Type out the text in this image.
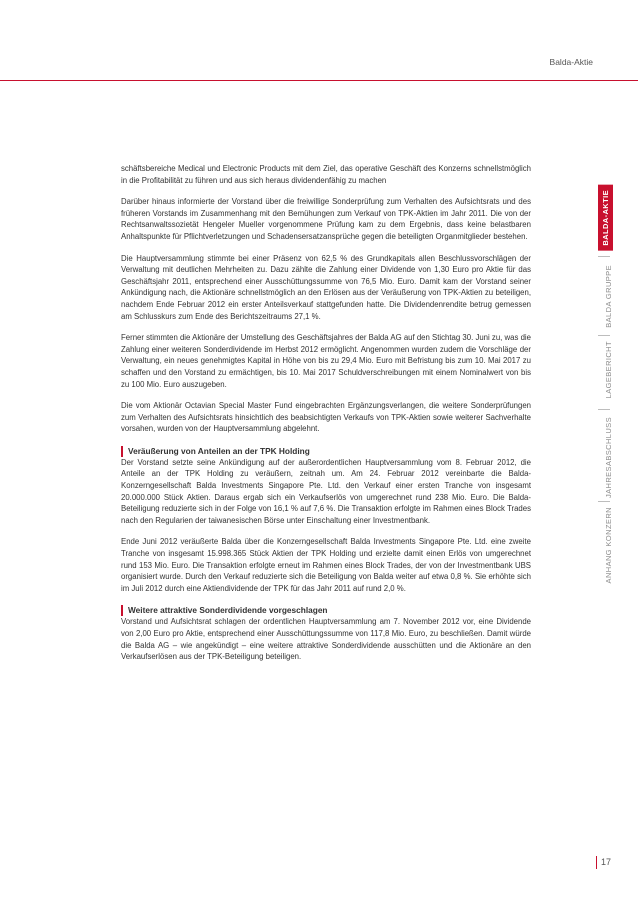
Balda-Aktie
BALDA-AKTIE
BALDA GRUPPE
LAGEBERICHT
JAHRESABSCHLUSS
ANHANG KONZERN

schäftsbereiche Medical und Electronic Products mit dem Ziel, das operative Geschäft des Konzerns schnellstmöglich in die Profitabilität zu führen und aus sich heraus dividendenfähig zu machen

Darüber hinaus informierte der Vorstand über die freiwillige Sonderprüfung zum Verhalten des Aufsichtsrats und des früheren Vorstands im Zusammenhang mit den Bemühungen zum Verkauf von TPK-Aktien im Jahr 2011. Die von der Rechtsanwaltssozietät Hengeler Mueller vorgenommene Prüfung kam zu dem Ergebnis, dass keine belastbaren Anhaltspunkte für Pflichtverletzungen und Schadensersatzansprüche gegen die beteiligten Organmitglieder bestehen.

Die Hauptversammlung stimmte bei einer Präsenz von 62,5 % des Grundkapitals allen Beschlussvorschlägen der Verwaltung mit deutlichen Mehrheiten zu. Dazu zählte die Zahlung einer Dividende von 1,30 Euro pro Aktie für das Geschäftsjahr 2011, entsprechend einer Ausschüttungssumme von 76,5 Mio. Euro. Damit kam der Vorstand seiner Ankündigung nach, die Aktionäre schnellstmöglich an den Erlösen aus der Veräußerung von TPK-Aktien zu beteiligen, nachdem Ende Februar 2012 ein erster Anteilsverkauf stattgefunden hatte. Die Dividendenrendite betrug gemessen am Schlusskurs zum Ende des Berichtszeitraums 27,1 %.

Ferner stimmten die Aktionäre der Umstellung des Geschäftsjahres der Balda AG auf den Stichtag 30. Juni zu, was die Zahlung einer weiteren Sonderdividende im Herbst 2012 ermöglicht. Angenommen wurden zudem die Vorschläge der Verwaltung, ein neues genehmigtes Kapital in Höhe von bis zu 29,4 Mio. Euro mit Befristung bis zum 10. Mai 2017 zu schaffen und den Vorstand zu ermächtigen, bis 10. Mai 2017 Schuldverschreibungen mit einem Nominalwert von bis zu 100 Mio. Euro auszugeben.

Die vom Aktionär Octavian Special Master Fund eingebrachten Ergänzungsverlangen, die weitere Sonderprüfungen zum Verhalten des Aufsichtsrats hinsichtlich des beabsichtigten Verkaufs von TPK-Aktien sowie weiterer Sachverhalte vorsahen, wurden von der Hauptversammlung abgelehnt.

Veräußerung von Anteilen an der TPK Holding

Der Vorstand setzte seine Ankündigung auf der außerordentlichen Hauptversammlung vom 8. Februar 2012, die Anteile an der TPK Holding zu veräußern, zeitnah um. Am 24. Februar 2012 vereinbarte die Balda-Konzerngesellschaft Balda Investments Singapore Pte. Ltd. den Verkauf einer ersten Tranche von insgesamt 20.000.000 Stück Aktien. Daraus ergab sich ein Verkaufserlös von umgerechnet rund 238 Mio. Euro. Die Balda-Beteiligung reduzierte sich in der Folge von 16,1 % auf 7,6 %. Die Transaktion erfolgte im Rahmen eines Block Trades nach den Regularien der taiwanesischen Börse unter Einschaltung einer Investmentbank.

Ende Juni 2012 veräußerte Balda über die Konzerngesellschaft Balda Investments Singapore Pte. Ltd. eine zweite Tranche von insgesamt 15.998.365 Stück Aktien der TPK Holding und erzielte damit einen Erlös von umgerechnet rund 153 Mio. Euro. Die Transaktion erfolgte erneut im Rahmen eines Block Trades, der von der Investmentbank UBS organisiert wurde. Durch den Verkauf reduzierte sich die Beteiligung von Balda weiter auf etwa 0,8 %. Sie erhöhte sich im Juli 2012 durch eine Aktiendividende der TPK für das Jahr 2011 auf rund 2,0 %.

Weitere attraktive Sonderdividende vorgeschlagen

Vorstand und Aufsichtsrat schlagen der ordentlichen Hauptversammlung am 7. November 2012 vor, eine Dividende von 2,00 Euro pro Aktie, entsprechend einer Ausschüttungssumme von 117,8 Mio. Euro, zu beschließen. Damit würde die Balda AG – wie angekündigt – eine weitere attraktive Sonderdividende ausschütten und die Aktionäre an den Verkaufserlösen aus der TPK-Beteiligung beteiligen.

17
